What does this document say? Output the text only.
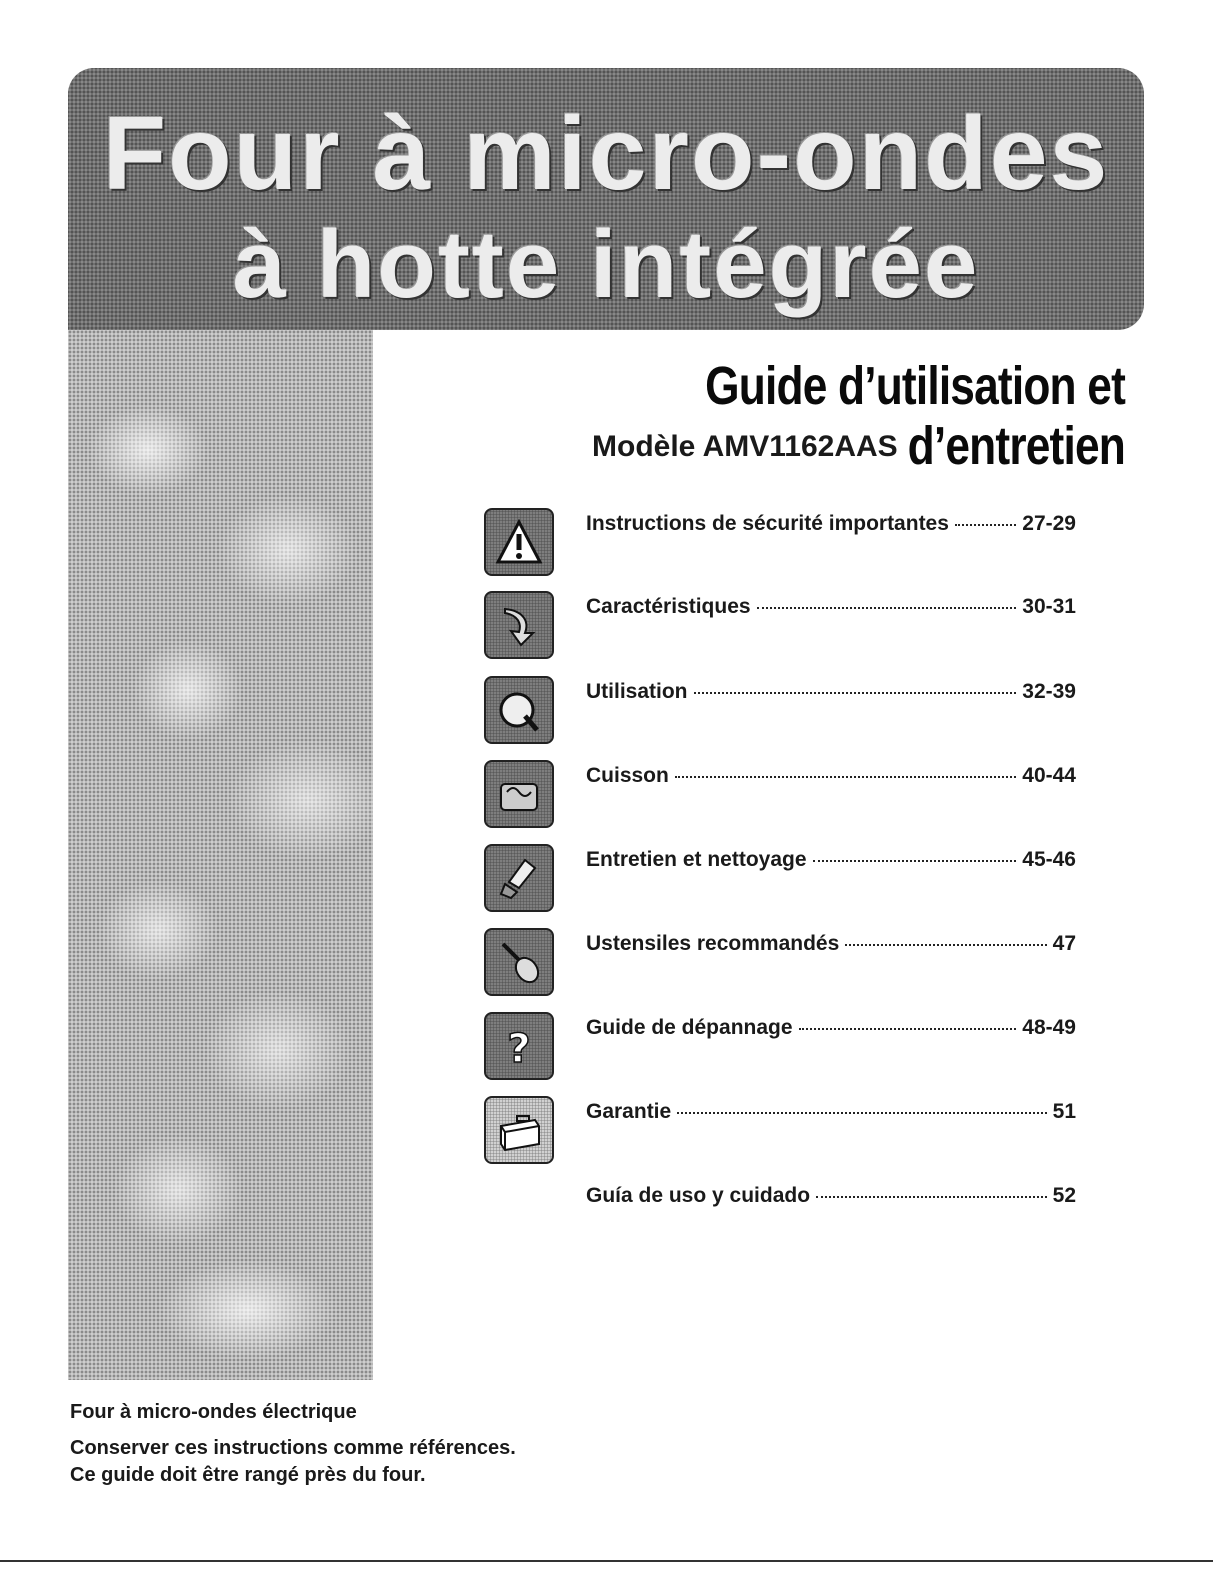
Four à micro-ondes
à hotte intégrée
Guide d’utilisation et d’entretien
Modèle AMV1162AAS
Instructions de sécurité importantes	27-29
Caractéristiques	30-31
Utilisation	32-39
Cuisson	40-44
Entretien et nettoyage	45-46
Ustensiles recommandés	47
?	Guide de dépannage	48-49
Garantie	51
Guía de uso y cuidado	52
Four à micro-ondes électrique
Conserver ces instructions comme références.
Ce guide doit être rangé près du four.
